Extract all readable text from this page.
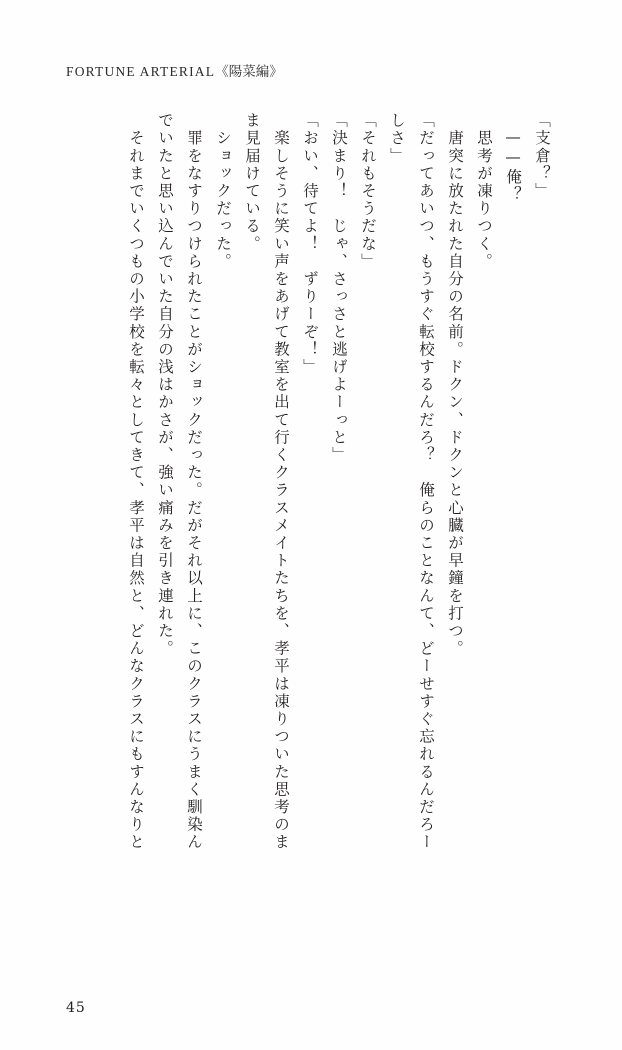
FORTUNE ARTERIAL《陽菜編》
「支倉？」
——俺？
　思考が凍りつく。
　唐突に放たれた自分の名前。ドクン、ドクンと心臓が早鐘を打つ。
「だってあいつ、もうすぐ転校するんだろ？　俺らのことなんて、どーせすぐ忘れるんだろー
しさ」
「それもそうだな」
「決まり！　じゃ、さっさと逃げよーっと」
「おい、待てよ！　ずりーぞ！」
　楽しそうに笑い声をあげて教室を出て行くクラスメイトたちを、孝平は凍りついた思考のま
ま見届けている。
　ショックだった。
　罪をなすりつけられたことがショックだった。だがそれ以上に、このクラスにうまく馴染ん
でいたと思い込んでいた自分の浅はかさが、強い痛みを引き連れた。
　それまでいくつもの小学校を転々としてきて、孝平は自然と、どんなクラスにもすんなりと
45
